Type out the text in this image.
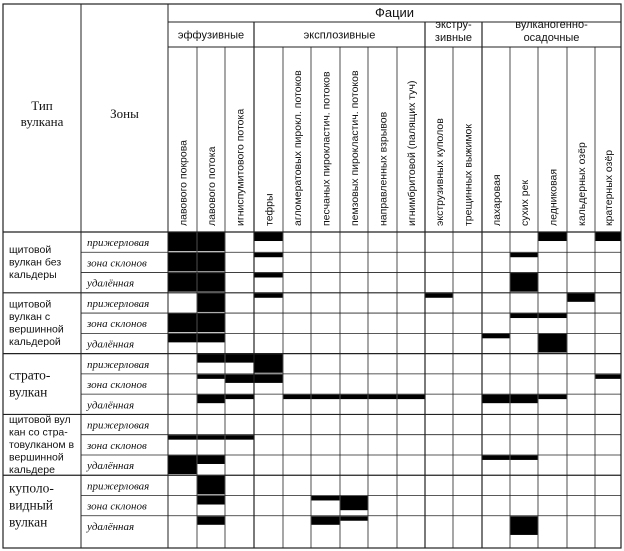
Фации
Тип вулкана
Зоны
эффузивные	эксплозивные
экстру-зивные
вулканогенно-осадочные
лавового покрова лавового потока игниспумитового потока тефры агломератовых пирокл. потоков песчаных пирокластич. потоков пемзовых пирокластич. потоков направленных взрывов игнимбритовой (палящих туч) экструзивных куполов трещинных выжимок лахаровая сухих рек ледниковая кальдерных озёр кратерных озёр
щитовой вулкан без кальдеры
прижерловая
зона склонов
удалённая
щитовой вулкан с вершинной кальдерой
прижерловая
зона склонов
удалённая
страто-вулкан
прижерловая
зона склонов
удалённая
щитовой вул кан со стра-товулканом в вершинной кальдере
прижерловая
зона склонов
удалённая
куполо-видный вулкан
прижерловая
зона склонов
удалённая
